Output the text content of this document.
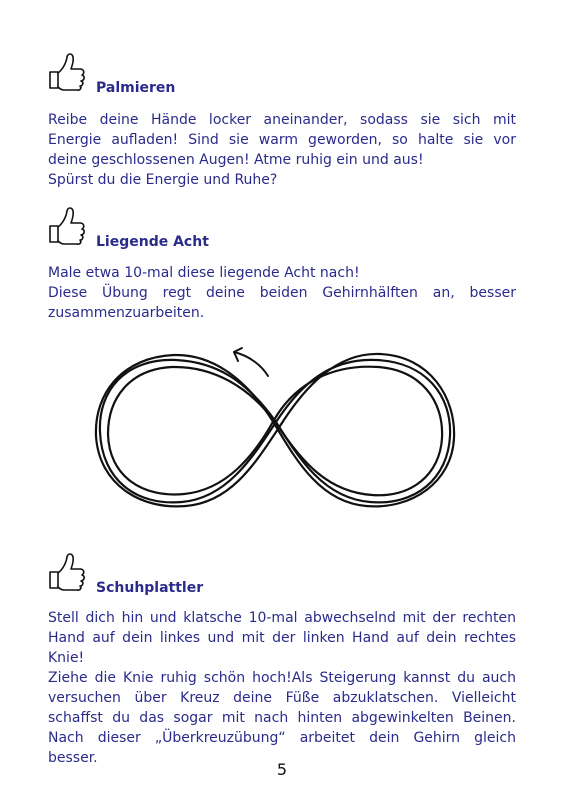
Palmieren
Reibe deine Hände locker aneinander, sodass sie sich mit
Energie aufladen! Sind sie warm geworden, so halte sie vor
deine geschlossenen Augen! Atme ruhig ein und aus!
Spürst du die Energie und Ruhe?
Liegende Acht
Male etwa 10-mal diese liegende Acht nach!
Diese Übung regt deine beiden Gehirnhälften an, besser
zusammenzuarbeiten.
Schuhplattler
Stell dich hin und klatsche 10-mal abwechselnd mit der rechten
Hand auf dein linkes und mit der linken Hand auf dein rechtes Knie!
Ziehe die Knie ruhig schön hoch!Als Steigerung kannst du auch
versuchen über Kreuz deine Füße abzuklatschen. Vielleicht
schaffst du das sogar mit nach hinten abgewinkelten Beinen.
Nach dieser „Überkreuzübung“ arbeitet dein Gehirn gleich
besser.
5
